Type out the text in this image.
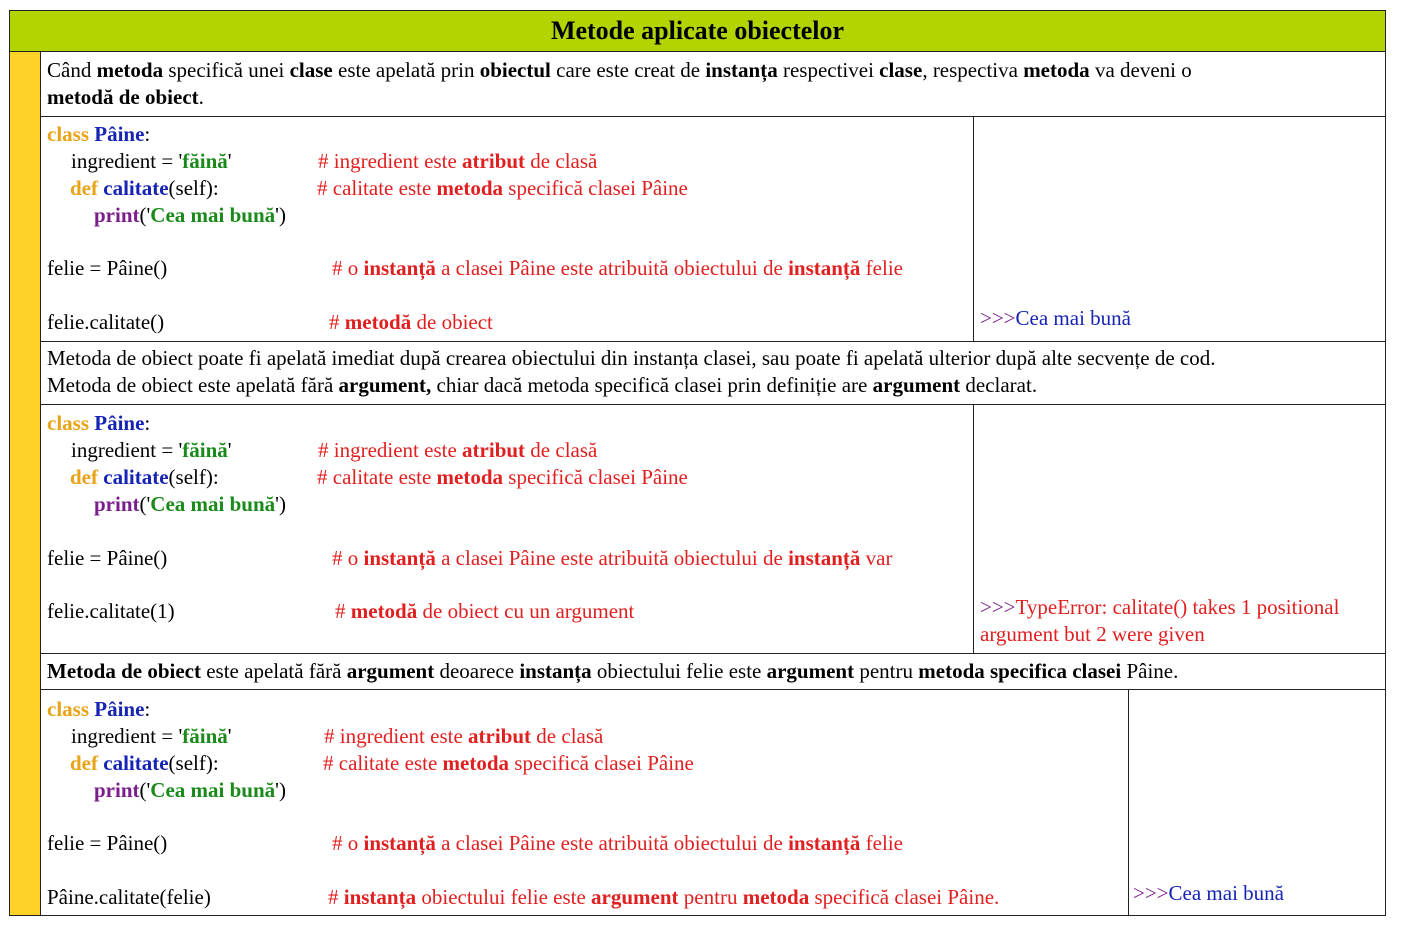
Metode aplicate obiectelor
Când metoda specifică unei clase este apelată prin obiectul care este creat de instanța respectivei clase, respectiva metoda va deveni o
metodă de obiect.
class Pâine:
ingredient = 'făină'	# ingredient este atribut de clasă
def calitate(self):	# calitate este metoda specifică clasei Pâine
print('Cea mai bună')
felie = Pâine()	# o instanță a clasei Pâine este atribuită obiectului de instanță felie
felie.calitate()	# metodă de obiect	>>>Cea mai bună
Metoda de obiect poate fi apelată imediat după crearea obiectului din instanța clasei, sau poate fi apelată ulterior după alte secvențe de cod.
Metoda de obiect este apelată fără argument, chiar dacă metoda specifică clasei prin definiție are argument declarat.
class Pâine:
ingredient = 'făină'	# ingredient este atribut de clasă
def calitate(self):	# calitate este metoda specifică clasei Pâine
print('Cea mai bună')
felie = Pâine()	# o instanță a clasei Pâine este atribuită obiectului de instanță var
felie.calitate(1)	# metodă de obiect cu un argument	>>>TypeError: calitate() takes 1 positional
argument but 2 were given
Metoda de obiect este apelată fără argument deoarece instanța obiectului felie este argument pentru metoda specifica clasei Pâine.
class Pâine:
ingredient = 'făină'	# ingredient este atribut de clasă
def calitate(self):	# calitate este metoda specifică clasei Pâine
print('Cea mai bună')
felie = Pâine()	# o instanță a clasei Pâine este atribuită obiectului de instanță felie
Pâine.calitate(felie)	# instanța obiectului felie este argument pentru metoda specifică clasei Pâine.	>>>Cea mai bună
